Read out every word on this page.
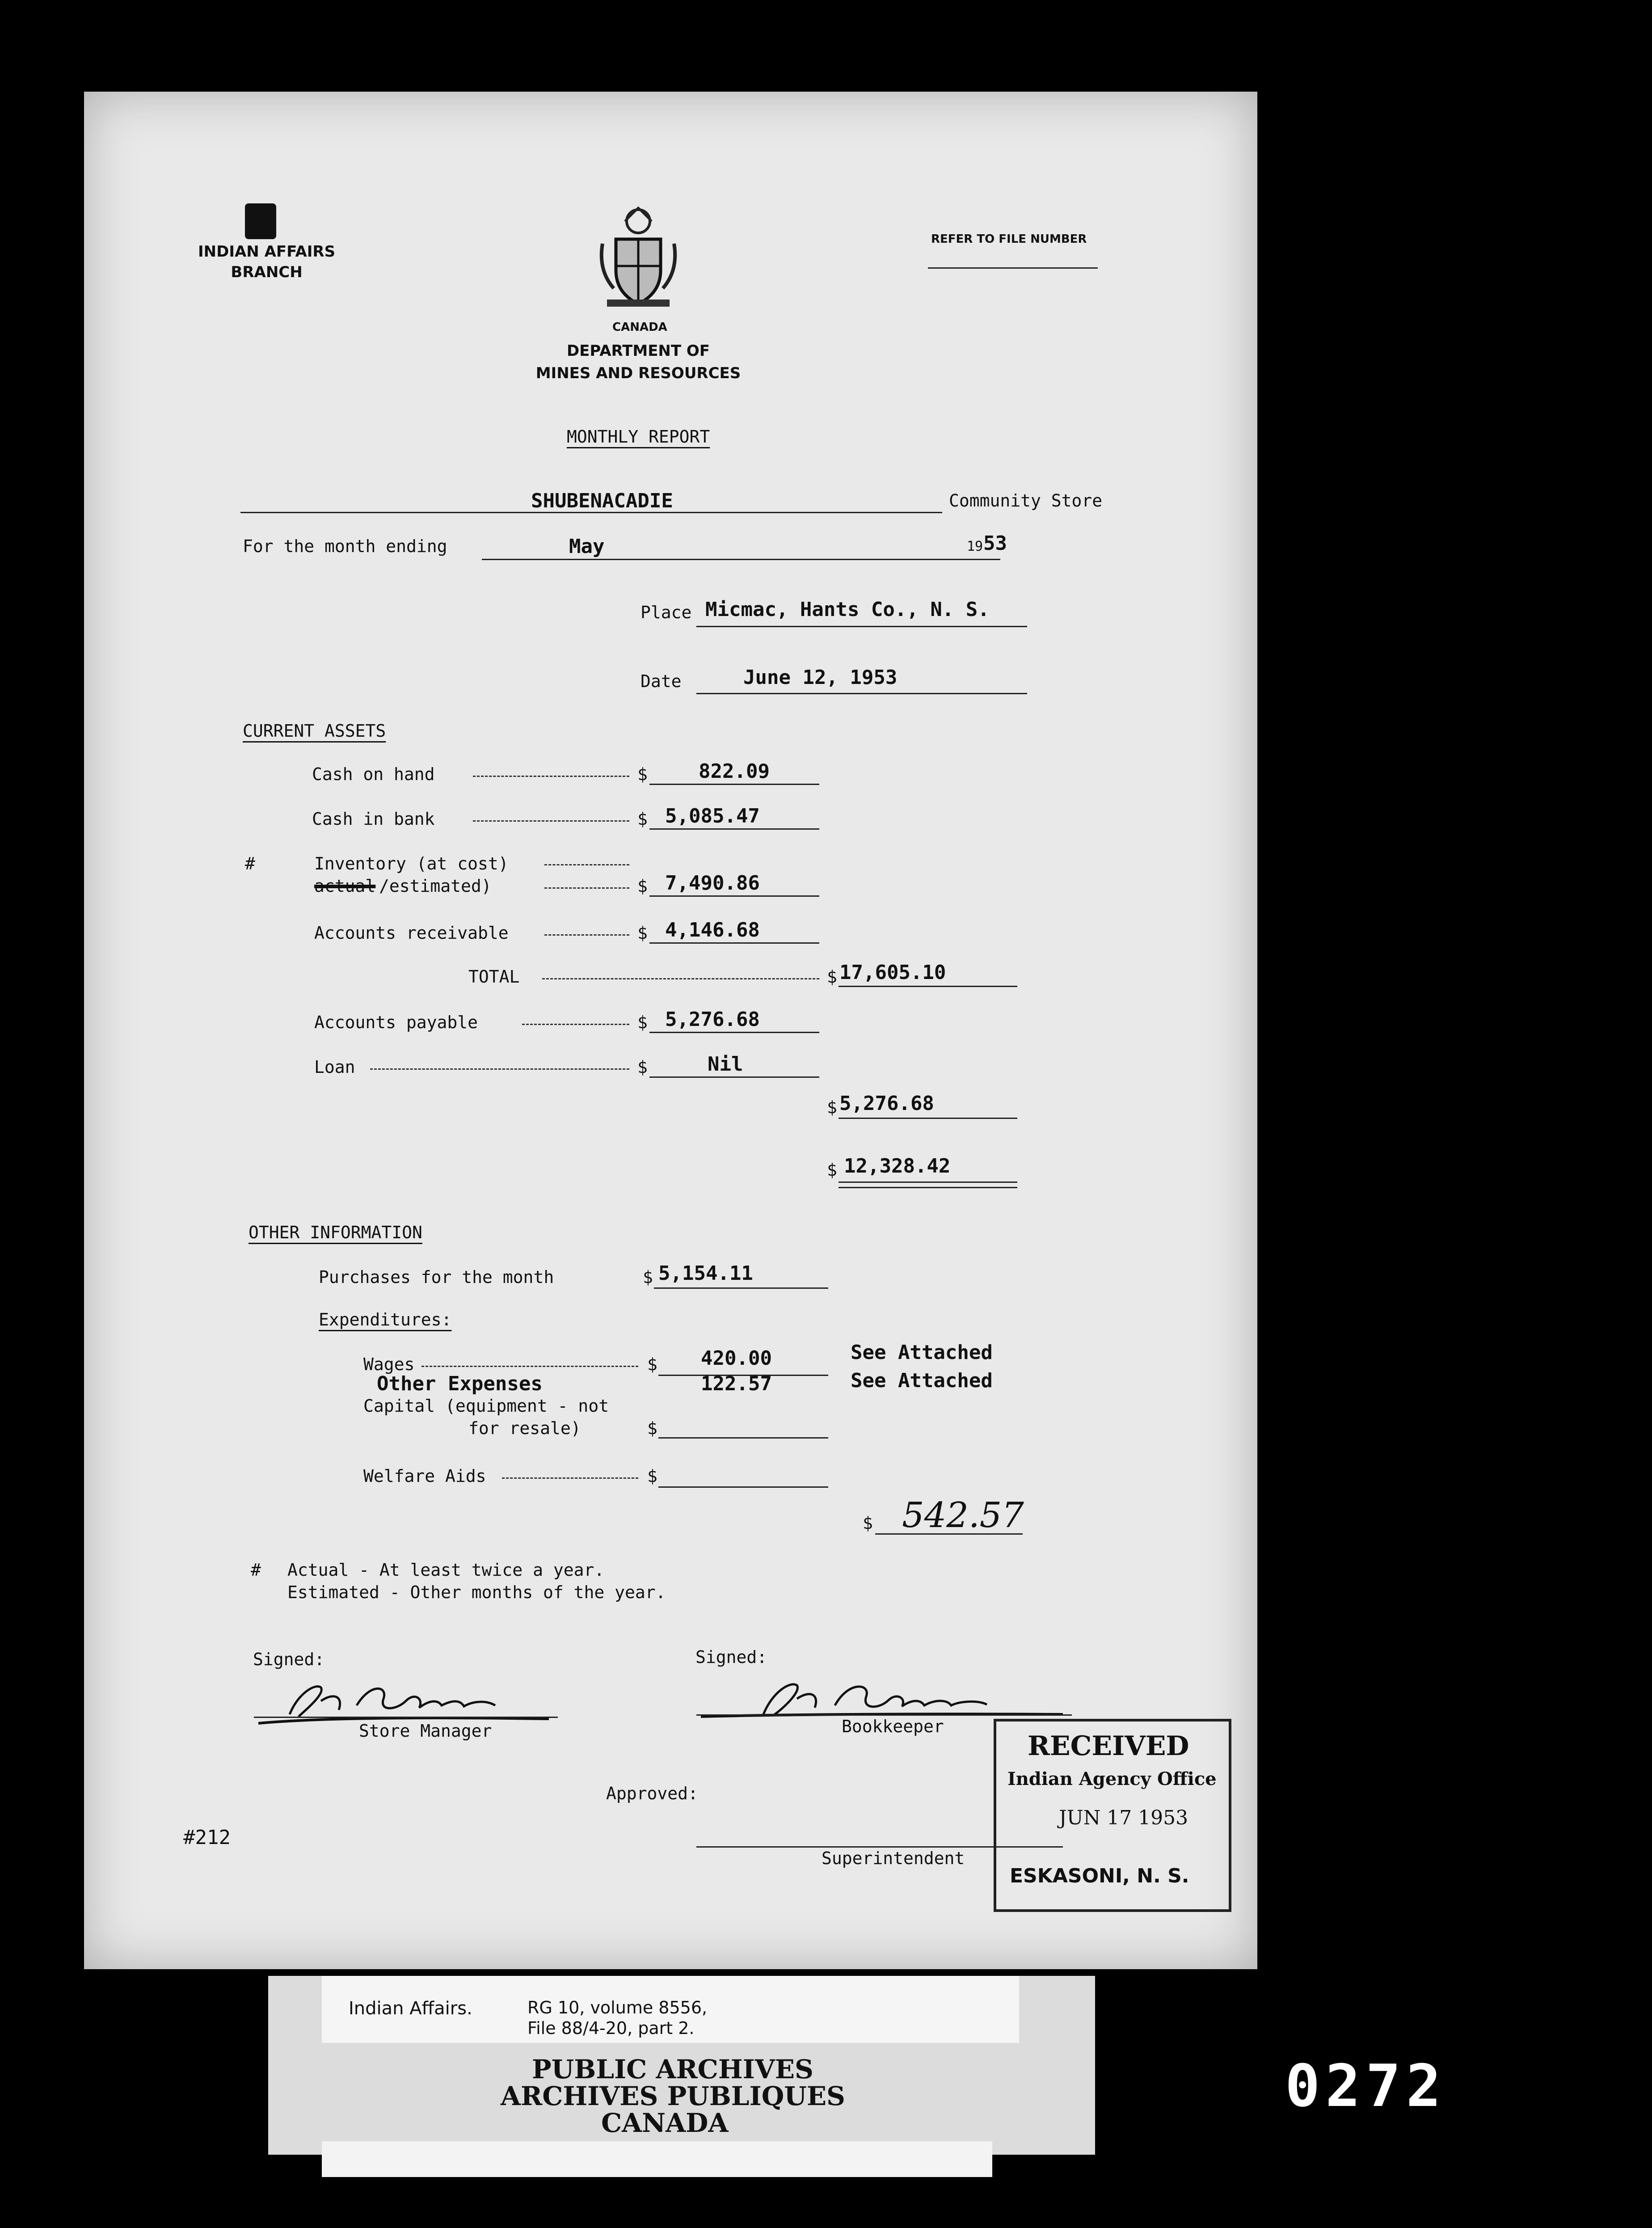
INDIAN AFFAIRS
BRANCH
CANADA
DEPARTMENT OF
MINES AND RESOURCES
REFER TO FILE NUMBER
MONTHLY REPORT
SHUBENACADIE	Community Store
For the month ending	May	19 53
Place Micmac, Hants Co., N. S.
Date	June 12, 1953
CURRENT ASSETS
Cash on hand	$	822.09
Cash in bank	$ 5,085.47
#	Inventory (at cost)
actual /estimated)	$ 7,490.86
Accounts receivable	$ 4,146.68
TOTAL	$ 17,605.10
Accounts payable	$ 5,276.68
Loan	$	Nil
$ 5,276.68
$ 12,328.42
OTHER INFORMATION
Purchases for the month	$ 5,154.11
Expenditures:
Wages	$ 420.00	See Attached
Other Expenses	122.57	See Attached
Capital (equipment - not
for resale)	$
Welfare Aids	$
$ 542.57
# Actual - At least twice a year.
Estimated - Other months of the year.
Signed:	Signed:
Store Manager	Bookkeeper
Approved:
Superintendent
#212
RECEIVED
Indian Agency Office
JUN 17 1953
ESKASONI, N. S.
Indian Affairs.	RG 10, volume 8556,
File 88/4-20, part 2.
PUBLIC ARCHIVES
ARCHIVES PUBLIQUES
CANADA
0272
